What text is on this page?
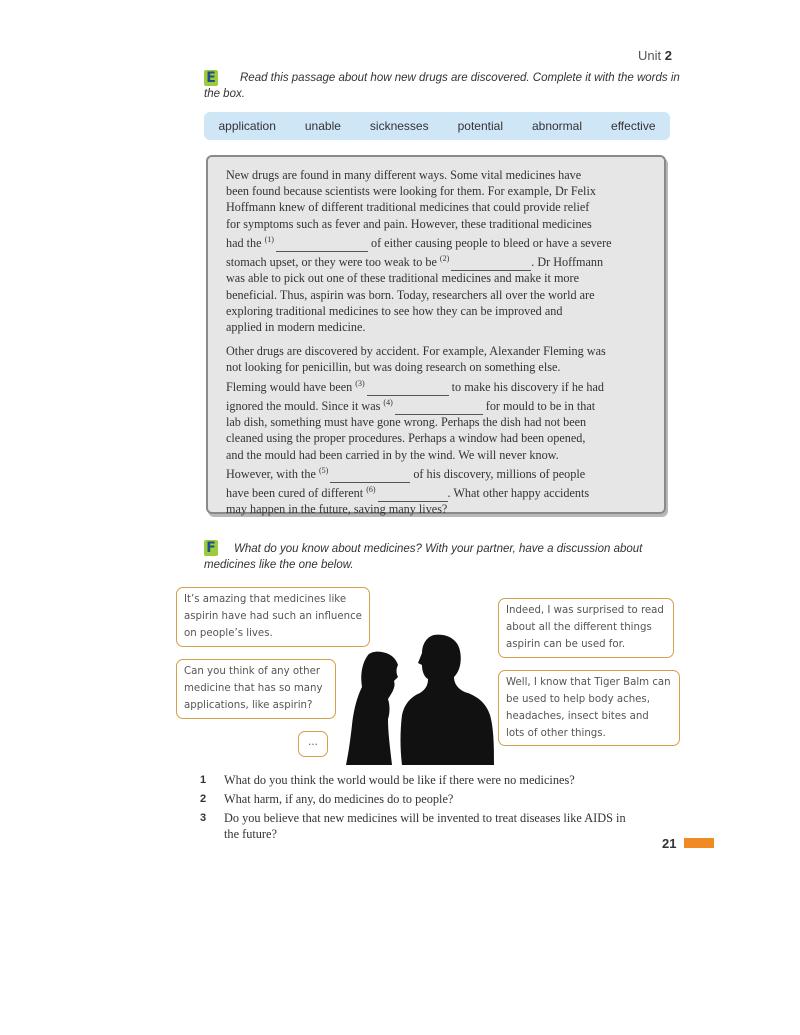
Unit 2
E Read this passage about how new drugs are discovered. Complete it with the words in
the box.
application unable sicknesses potential abnormal effective

New drugs are found in many different ways. Some vital medicines have
been found because scientists were looking for them. For example, Dr Felix
Hoffmann knew of different traditional medicines that could provide relief
for symptoms such as fever and pain. However, these traditional medicines
had the $^{(1)}$	of either causing people to bleed or have a severe
stomach upset, or they were too weak to be $^{(2)}$	. Dr Hoffmann
was able to pick out one of these traditional medicines and make it more
beneficial. Thus, aspirin was born. Today, researchers all over the world are
exploring traditional medicines to see how they can be improved and
applied in modern medicine.

Other drugs are discovered by accident. For example, Alexander Fleming was
not looking for penicillin, but was doing research on something else.
Fleming would have been $^{(3)}$	to make his discovery if he had
ignored the mould. Since it was $^{(4)}$	for mould to be in that
lab dish, something must have gone wrong. Perhaps the dish had not been
cleaned using the proper procedures. Perhaps a window had been opened,
and the mould had been carried in by the wind. We will never know.
However, with the $^{(5)}$	of his discovery, millions of people
have been cured of different $^{(6)}$	. What other happy accidents
may happen in the future, saving many lives?

F What do you know about medicines? With your partner, have a discussion about
medicines like the one below.
It’s amazing that medicines like
aspirin have had such an influence
on people’s lives.
Can you think of any other
medicine that has so many
applications, like aspirin?
...
Indeed, I was surprised to read
about all the different things
aspirin can be used for.
Well, I know that Tiger Balm can
be used to help body aches,
headaches, insect bites and
lots of other things.
1	What do you think the world would be like if there were no medicines?
2	What harm, if any, do medicines do to people?
3	Do you believe that new medicines will be invented to treat diseases like AIDS in
the future?
21
